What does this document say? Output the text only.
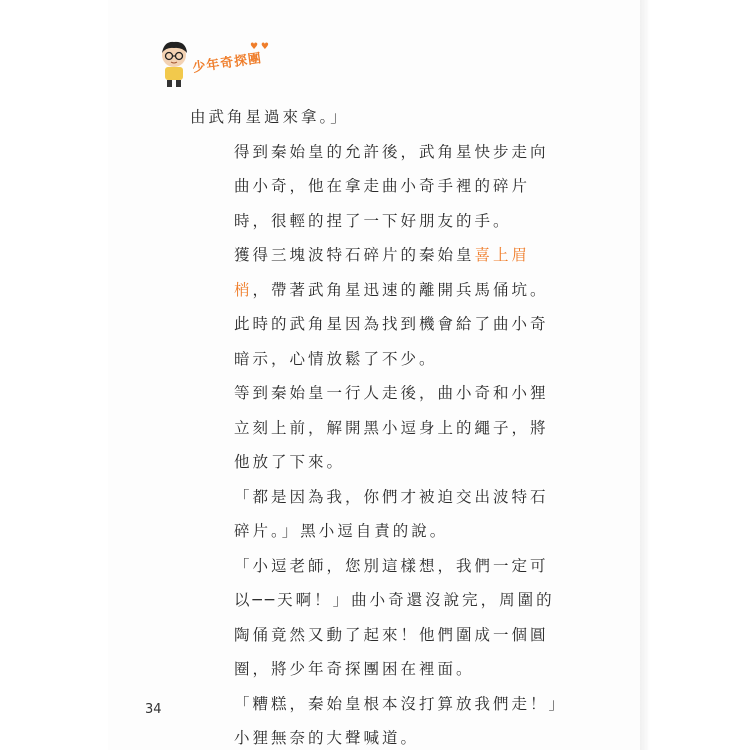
♥ ♥
少年奇探團

由武角星過來拿。」

得到秦始皇的允許後，武角星快步走向曲小奇，他在拿走曲小奇手裡的碎片時，很輕的捏了一下好朋友的手。

獲得三塊波特石碎片的秦始皇喜上眉梢，帶著武角星迅速的離開兵馬俑坑。此時的武角星因為找到機會給了曲小奇暗示，心情放鬆了不少。

等到秦始皇一行人走後，曲小奇和小狸立刻上前，解開黑小逗身上的繩子，將他放了下來。

「都是因為我，你們才被迫交出波特石碎片。」黑小逗自責的說。

「小逗老師，您別這樣想，我們一定可以──天啊！」曲小奇還沒說完，周圍的陶俑竟然又動了起來！他們圍成一個圓圈，將少年奇探團困在裡面。

「糟糕，秦始皇根本沒打算放我們走！」小狸無奈的大聲喊道。

34
